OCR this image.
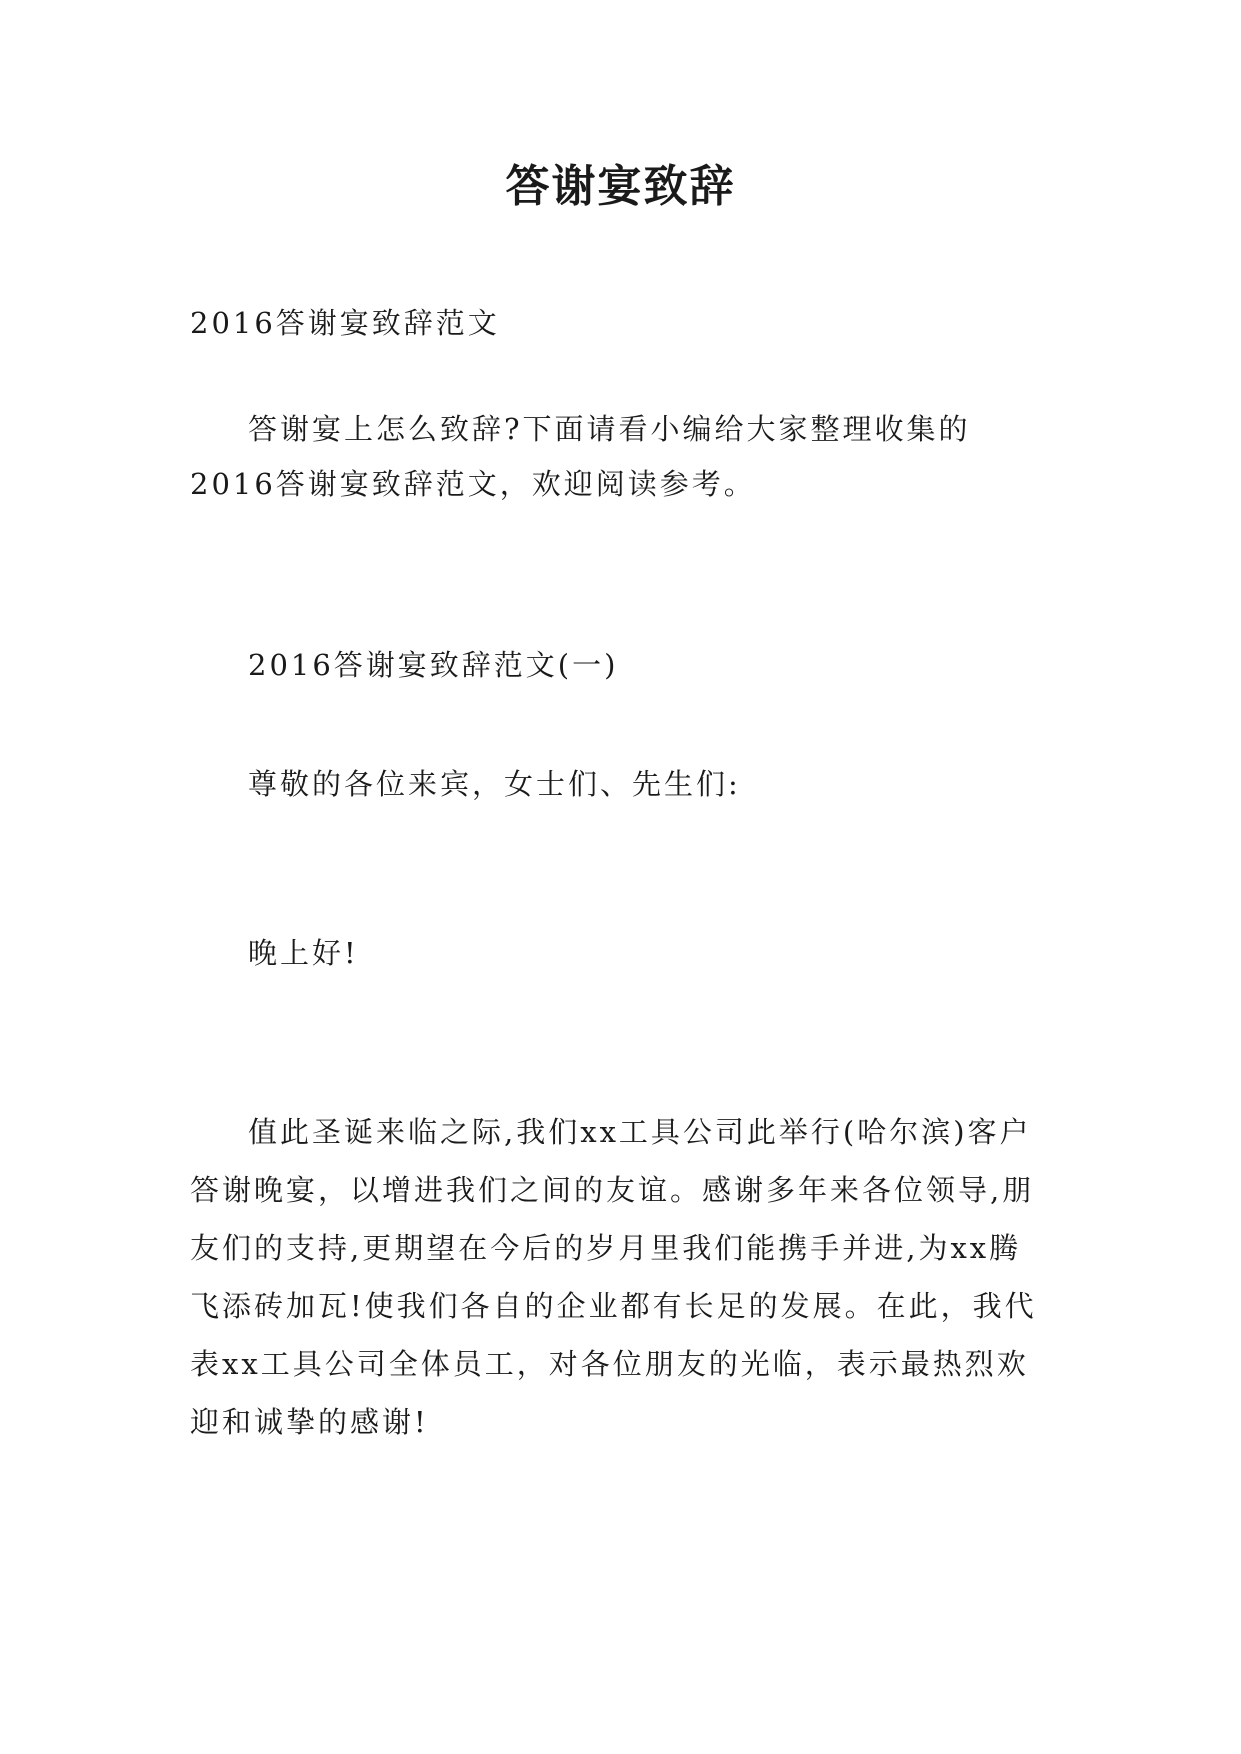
答谢宴致辞

2016答谢宴致辞范文

答谢宴上怎么致辞?下面请看小编给大家整理收集的2016答谢宴致辞范文，欢迎阅读参考。

2016答谢宴致辞范文(一)

尊敬的各位来宾，女士们、先生们:

晚上好!

值此圣诞来临之际,我们xx工具公司此举行(哈尔滨)客户答谢晚宴，以增进我们之间的友谊。感谢多年来各位领导,朋友们的支持,更期望在今后的岁月里我们能携手并进,为xx腾飞添砖加瓦!使我们各自的企业都有长足的发展。在此，我代表xx工具公司全体员工，对各位朋友的光临，表示最热烈欢迎和诚挚的感谢!
